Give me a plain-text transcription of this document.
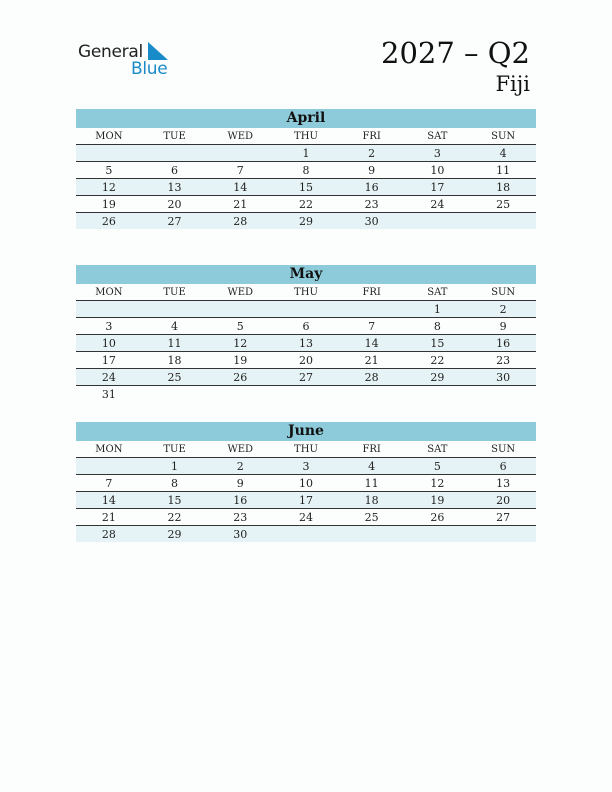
General
Blue	2027 – Q2
Fiji
April
MON	TUE	WED	THU	FRI	SAT	SUN
			1	2	3	4
5	6	7	8	9	10	11
12	13	14	15	16	17	18
19	20	21	22	23	24	25
26	27	28	29	30		
May
MON	TUE	WED	THU	FRI	SAT	SUN
					1	2
3	4	5	6	7	8	9
10	11	12	13	14	15	16
17	18	19	20	21	22	23
24	25	26	27	28	29	30
31						
June
MON	TUE	WED	THU	FRI	SAT	SUN
	1	2	3	4	5	6
7	8	9	10	11	12	13
14	15	16	17	18	19	20
21	22	23	24	25	26	27
28	29	30				
